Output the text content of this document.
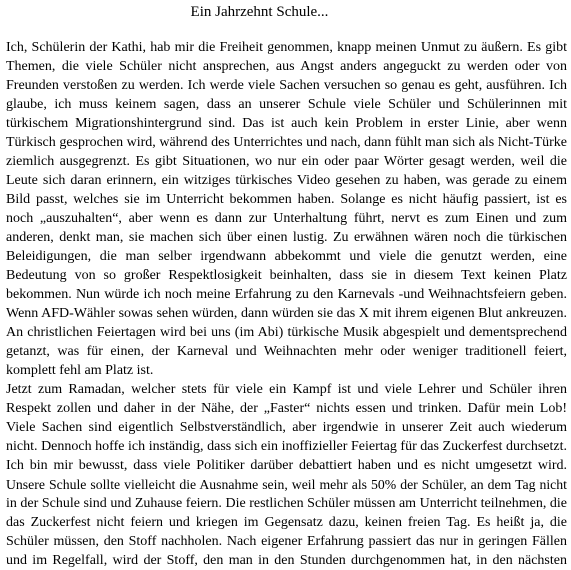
Ein Jahrzehnt Schule...
Ich, Schülerin der Kathi, hab mir die Freiheit genommen, knapp meinen Unmut zu äußern. Es gibt
Themen, die viele Schüler nicht ansprechen, aus Angst anders angeguckt zu werden oder von
Freunden verstoßen zu werden. Ich werde viele Sachen versuchen so genau es geht, ausführen. Ich
glaube, ich muss keinem sagen, dass an unserer Schule viele Schüler und Schülerinnen mit
türkischem Migrationshintergrund sind. Das ist auch kein Problem in erster Linie, aber wenn
Türkisch gesprochen wird, während des Unterrichtes und nach, dann fühlt man sich als Nicht-Türke
ziemlich ausgegrenzt. Es gibt Situationen, wo nur ein oder paar Wörter gesagt werden, weil die
Leute sich daran erinnern, ein witziges türkisches Video gesehen zu haben, was gerade zu einem
Bild passt, welches sie im Unterricht bekommen haben. Solange es nicht häufig passiert, ist es
noch „auszuhalten“, aber wenn es dann zur Unterhaltung führt, nervt es zum Einen und zum
anderen, denkt man, sie machen sich über einen lustig. Zu erwähnen wären noch die türkischen
Beleidigungen, die man selber irgendwann abbekommt und viele die genutzt werden, eine
Bedeutung von so großer Respektlosigkeit beinhalten, dass sie in diesem Text keinen Platz
bekommen. Nun würde ich noch meine Erfahrung zu den Karnevals -und Weihnachtsfeiern geben.
Wenn AFD-Wähler sowas sehen würden, dann würden sie das X mit ihrem eigenen Blut ankreuzen.
An christlichen Feiertagen wird bei uns (im Abi) türkische Musik abgespielt und dementsprechend
getanzt, was für einen, der Karneval und Weihnachten mehr oder weniger traditionell feiert,
komplett fehl am Platz ist.
Jetzt zum Ramadan, welcher stets für viele ein Kampf ist und viele Lehrer und Schüler ihren
Respekt zollen und daher in der Nähe, der „Faster“ nichts essen und trinken. Dafür mein Lob!
Viele Sachen sind eigentlich Selbstverständlich, aber irgendwie in unserer Zeit auch wiederum
nicht. Dennoch hoffe ich inständig, dass sich ein inoffizieller Feiertag für das Zuckerfest durchsetzt.
Ich bin mir bewusst, dass viele Politiker darüber debattiert haben und es nicht umgesetzt wird.
Unsere Schule sollte vielleicht die Ausnahme sein, weil mehr als 50% der Schüler, an dem Tag nicht
in der Schule sind und Zuhause feiern. Die restlichen Schüler müssen am Unterricht teilnehmen, die
das Zuckerfest nicht feiern und kriegen im Gegensatz dazu, keinen freien Tag. Es heißt ja, die
Schüler müssen, den Stoff nachholen. Nach eigener Erfahrung passiert das nur in geringen Fällen
und im Regelfall, wird der Stoff, den man in den Stunden durchgenommen hat, in den nächsten
